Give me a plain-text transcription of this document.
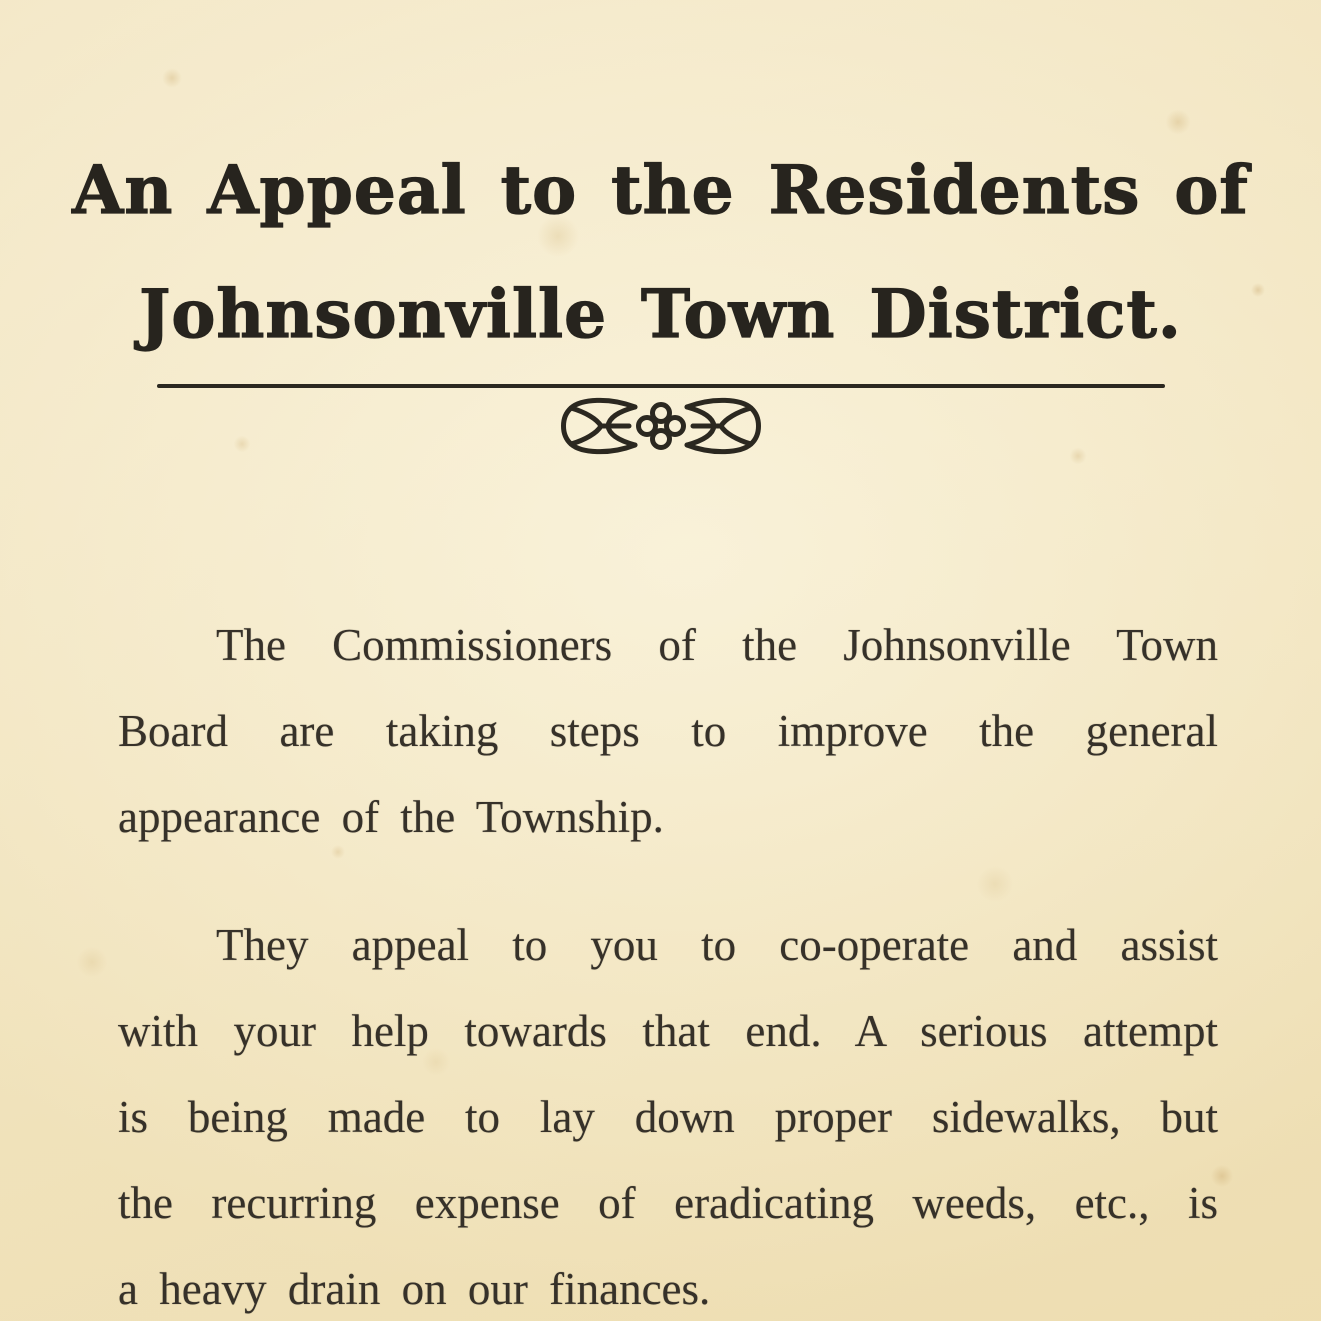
An Appeal to the Residents of
Johnsonville Town District.
The Commissioners of the Johnsonville Town
Board are taking steps to improve the general
appearance of the Township.
They appeal to you to co-operate and assist
with your help towards that end. A serious attempt
is being made to lay down proper sidewalks, but
the recurring expense of eradicating weeds, etc., is
a heavy drain on our finances.
